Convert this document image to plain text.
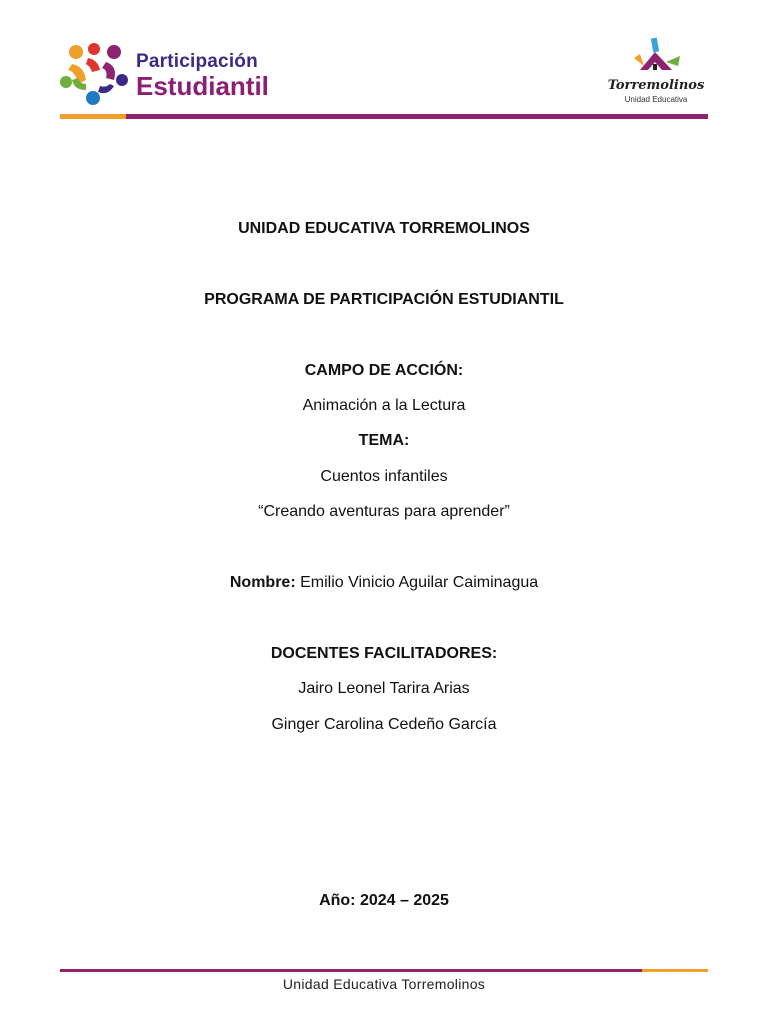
Participación
Estudiantil	Torremolinos
Unidad Educativa
UNIDAD EDUCATIVA TORREMOLINOS
PROGRAMA DE PARTICIPACIÓN ESTUDIANTIL
CAMPO DE ACCIÓN:
Animación a la Lectura
TEMA:
Cuentos infantiles
“Creando aventuras para aprender”
Nombre: Emilio Vinicio Aguilar Caiminagua
DOCENTES FACILITADORES:
Jairo Leonel Tarira Arias
Ginger Carolina Cedeño García
Año: 2024 – 2025
Unidad Educativa Torremolinos
